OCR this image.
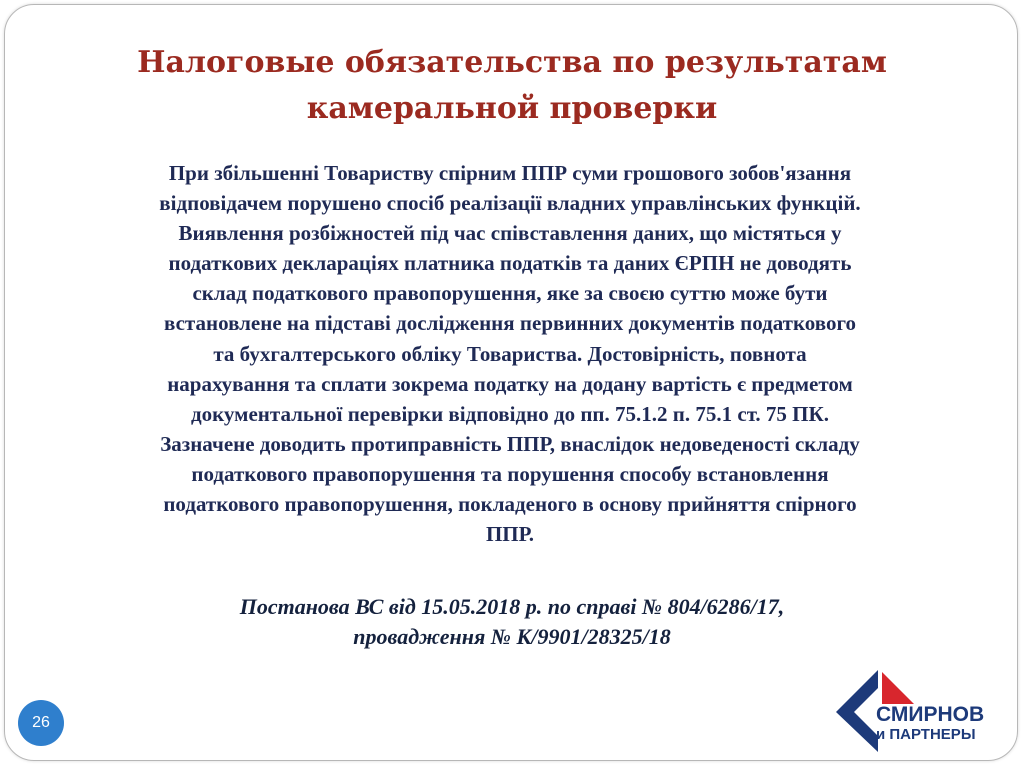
Налоговые обязательства по результатам
камеральной проверки
При збільшенні Товариству спірним ППР суми грошового зобов'язання
відповідачем порушено спосіб реалізації владних управлінських функцій.
Виявлення розбіжностей під час співставлення даних, що містяться у
податкових деклараціях платника податків та даних ЄРПН не доводять
склад податкового правопорушення, яке за своєю суттю може бути
встановлене на підставі дослідження первинних документів податкового
та бухгалтерського обліку Товариства. Достовірність, повнота
нарахування та сплати зокрема податку на додану вартість є предметом
документальної перевірки відповідно до пп. 75.1.2 п. 75.1 ст. 75 ПК.
Зазначене доводить протиправність ППР, внаслідок недоведеності складу
податкового правопорушення та порушення способу встановлення
податкового правопорушення, покладеного в основу прийняття спірного
ППР.
Постанова ВС від 15.05.2018 р. по справі № 804/6286/17,
провадження № К/9901/28325/18
26	СМИРНОВ
и ПАРТНЕРЫ
